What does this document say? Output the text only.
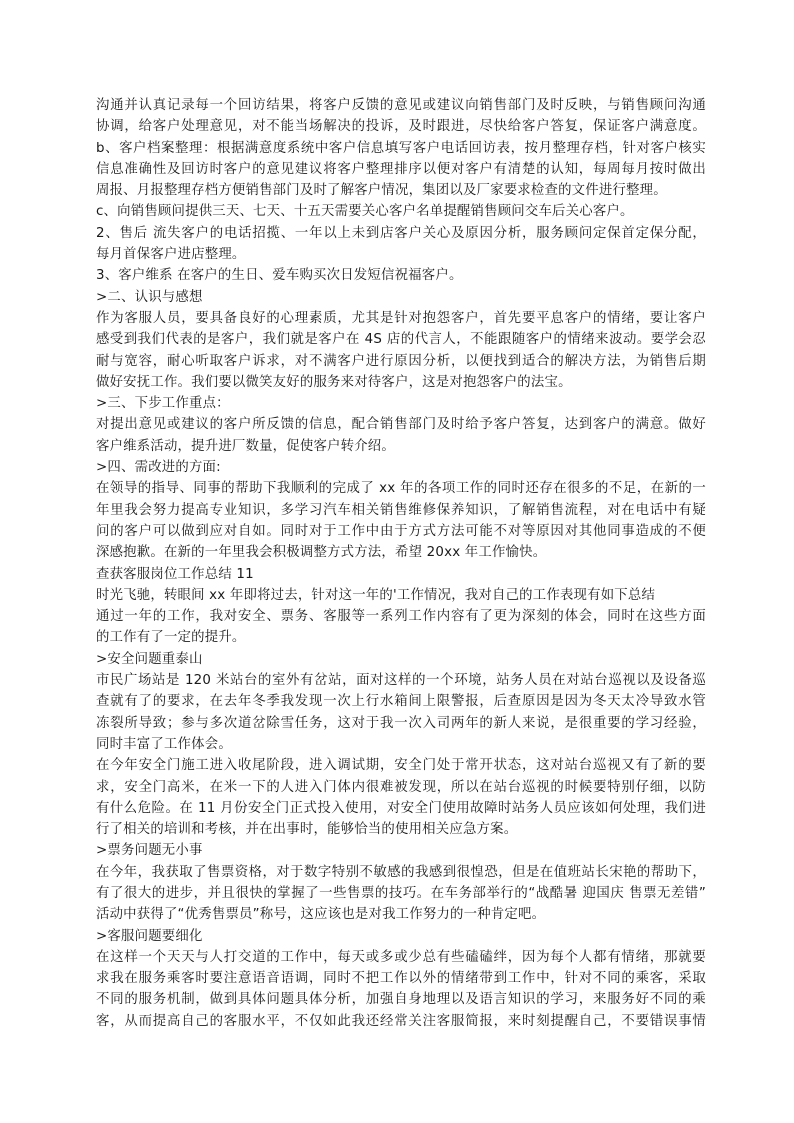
沟通并认真记录每一个回访结果，将客户反馈的意见或建议向销售部门及时反映，与销售顾问沟通
协调，给客户处理意见，对不能当场解决的投诉，及时跟进，尽快给客户答复，保证客户满意度。
b、客户档案整理：根据满意度系统中客户信息填写客户电话回访表，按月整理存档，针对客户核实
信息准确性及回访时客户的意见建议将客户整理排序以便对客户有清楚的认知，每周每月按时做出
周报、月报整理存档方便销售部门及时了解客户情况，集团以及厂家要求检查的文件进行整理。
c、向销售顾问提供三天、七天、十五天需要关心客户名单提醒销售顾问交车后关心客户。
2、售后 流失客户的电话招揽、一年以上未到店客户关心及原因分析，服务顾问定保首定保分配，
每月首保客户进店整理。
3、客户维系 在客户的生日、爱车购买次日发短信祝福客户。
>二、认识与感想
作为客服人员，要具备良好的心理素质，尤其是针对抱怨客户，首先要平息客户的情绪，要让客户
感受到我们代表的是客户，我们就是客户在 4S 店的代言人，不能跟随客户的情绪来波动。要学会忍
耐与宽容，耐心听取客户诉求，对不满客户进行原因分析，以便找到适合的解决方法，为销售后期
做好安抚工作。我们要以微笑友好的服务来对待客户，这是对抱怨客户的法宝。
>三、下步工作重点：
对提出意见或建议的客户所反馈的信息，配合销售部门及时给予客户答复，达到客户的满意。做好
客户维系活动，提升进厂数量，促使客户转介绍。
>四、需改进的方面:
在领导的指导、同事的帮助下我顺利的完成了 xx 年的各项工作的同时还存在很多的不足，在新的一
年里我会努力提高专业知识，多学习汽车相关销售维修保养知识，了解销售流程，对在电话中有疑
问的客户可以做到应对自如。同时对于工作中由于方式方法可能不对等原因对其他同事造成的不便
深感抱歉。在新的一年里我会积极调整方式方法，希望 20xx 年工作愉快。
查获客服岗位工作总结 11
时光飞驰，转眼间 xx 年即将过去，针对这一年的'工作情况，我对自己的工作表现有如下总结
通过一年的工作，我对安全、票务、客服等一系列工作内容有了更为深刻的体会，同时在这些方面
的工作有了一定的提升。
>安全问题重泰山
市民广场站是 120 米站台的室外有岔站，面对这样的一个环境，站务人员在对站台巡视以及设备巡
查就有了的要求，在去年冬季我发现一次上行水箱间上限警报，后查原因是因为冬天太冷导致水管
冻裂所导致；参与多次道岔除雪任务，这对于我一次入司两年的新人来说，是很重要的学习经验，
同时丰富了工作体会。
在今年安全门施工进入收尾阶段，进入调试期，安全门处于常开状态，这对站台巡视又有了新的要
求，安全门高米，在米一下的人进入门体内很难被发现，所以在站台巡视的时候要特别仔细，以防
有什么危险。在 11 月份安全门正式投入使用，对安全门使用故障时站务人员应该如何处理，我们进
行了相关的培训和考核，并在出事时，能够恰当的使用相关应急方案。
>票务问题无小事
在今年，我获取了售票资格，对于数字特别不敏感的我感到很惶恐，但是在值班站长宋艳的帮助下，
有了很大的进步，并且很快的掌握了一些售票的技巧。在车务部举行的“战酷暑 迎国庆 售票无差错”
活动中获得了“优秀售票员”称号，这应该也是对我工作努力的一种肯定吧。
>客服问题要细化
在这样一个天天与人打交道的工作中，每天或多或少总有些磕磕绊，因为每个人都有情绪，那就要
求我在服务乘客时要注意语音语调，同时不把工作以外的情绪带到工作中，针对不同的乘客，采取
不同的服务机制，做到具体问题具体分析，加强自身地理以及语言知识的学习，来服务好不同的乘
客，从而提高自己的客服水平，不仅如此我还经常关注客服简报，来时刻提醒自己，不要错误事情
